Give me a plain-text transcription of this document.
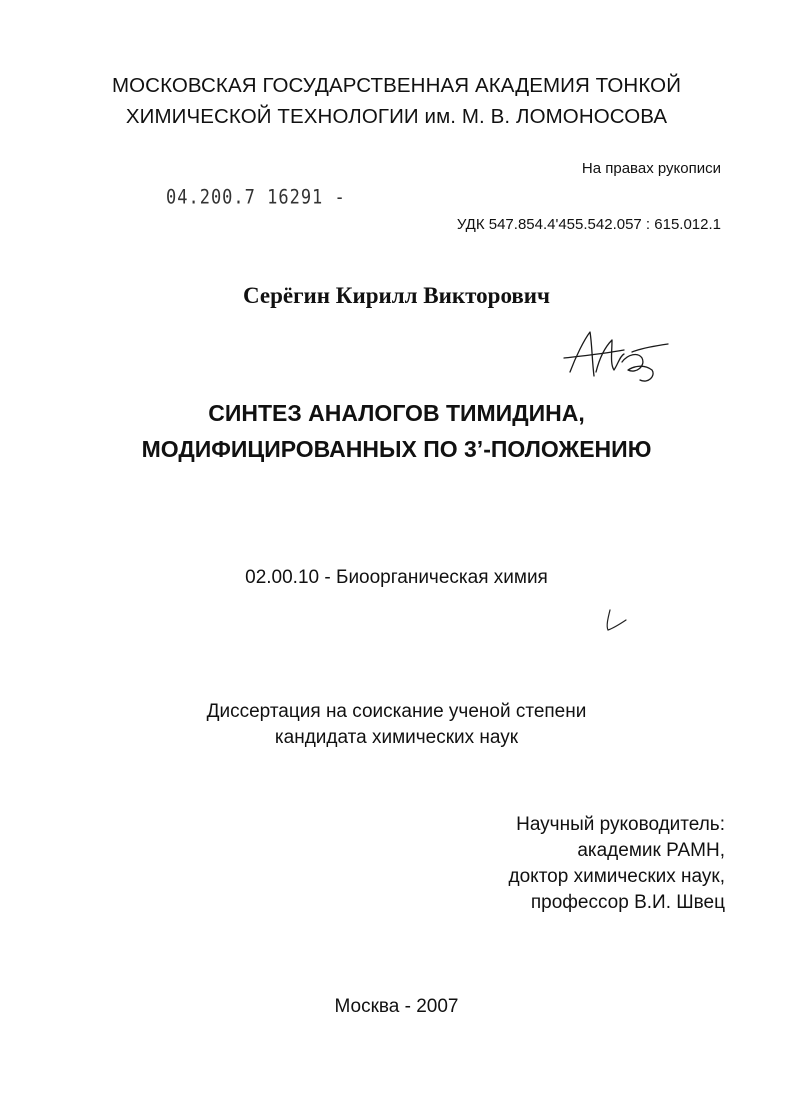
МОСКОВСКАЯ ГОСУДАРСТВЕННАЯ АКАДЕМИЯ ТОНКОЙ
ХИМИЧЕСКОЙ ТЕХНОЛОГИИ им. М. В. ЛОМОНОСОВА
На правах рукописи
04.200.7 16291 -
УДК 547.854.4'455.542.057 : 615.012.1
Серёгин Кирилл Викторович
СИНТЕЗ АНАЛОГОВ ТИМИДИНА,
МОДИФИЦИРОВАННЫХ ПО 3’-ПОЛОЖЕНИЮ
02.00.10 - Биоорганическая химия
Диссертация на соискание ученой степени
кандидата химических наук
Научный руководитель:
академик РАМН,
доктор химических наук,
профессор В.И. Швец
Москва - 2007
